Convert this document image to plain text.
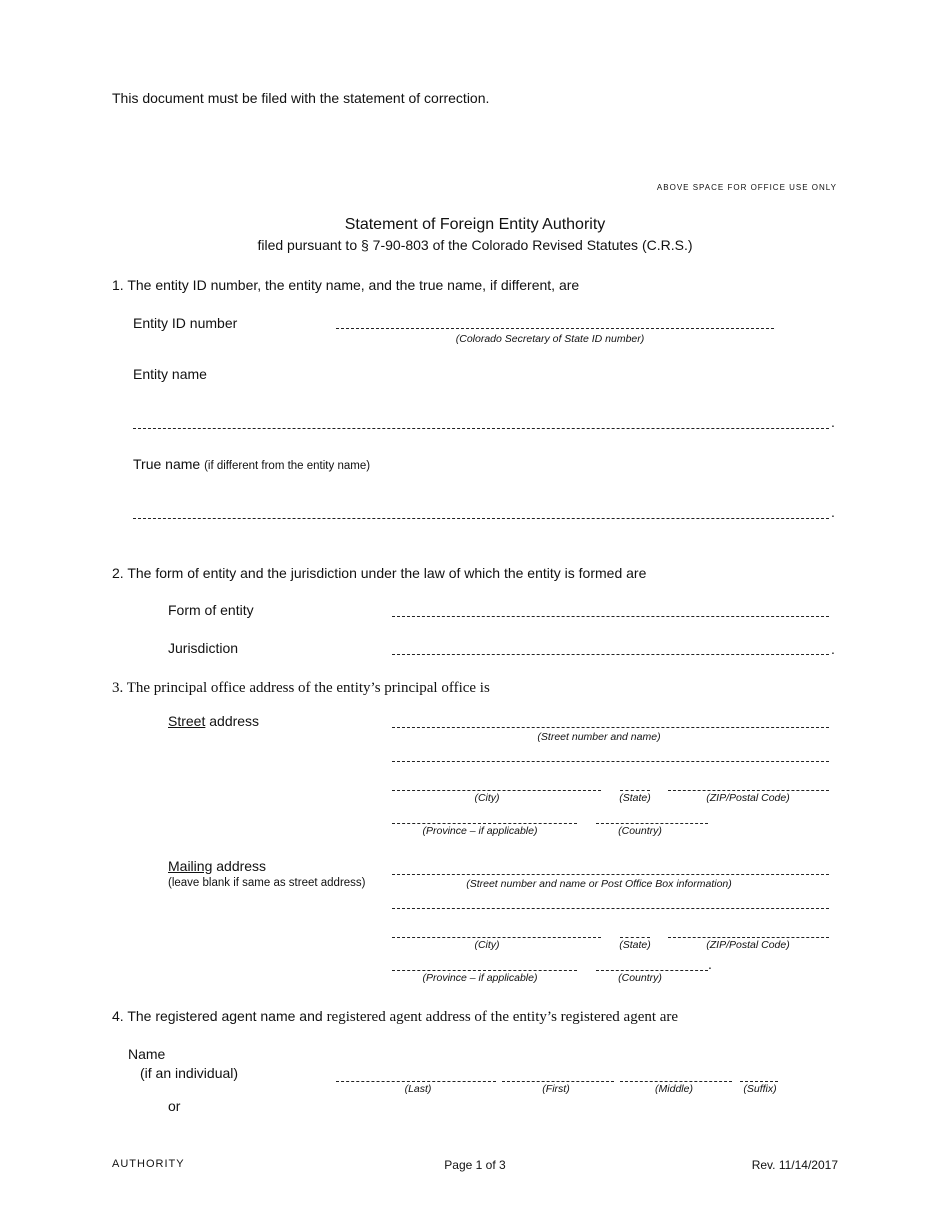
This document must be filed with the statement of correction.
ABOVE SPACE FOR OFFICE USE ONLY
Statement of Foreign Entity Authority
filed pursuant to § 7-90-803 of the Colorado Revised Statutes (C.R.S.)
1. The entity ID number, the entity name, and the true name, if different, are
Entity ID number
(Colorado Secretary of State ID number)
Entity name
.
True name (if different from the entity name)
.
2. The form of entity and the jurisdiction under the law of which the entity is formed are
Form of entity
Jurisdiction	.
3. The principal office address of the entity’s principal office is
Street address
(Street number and name)
(City)	(State)	(ZIP/Postal Code)
(Province – if applicable)	(Country)
Mailing address
(leave blank if same as street address)	(Street number and name or Post Office Box information)
(City)	(State)	(ZIP/Postal Code)
.
(Province – if applicable)	(Country)
4. The registered agent name and registered agent address of the entity’s registered agent are
Name
(if an individual)
(Last)	(First)	(Middle)	(Suffix)
or
AUTHORITY	Page 1 of 3	Rev. 11/14/2017
